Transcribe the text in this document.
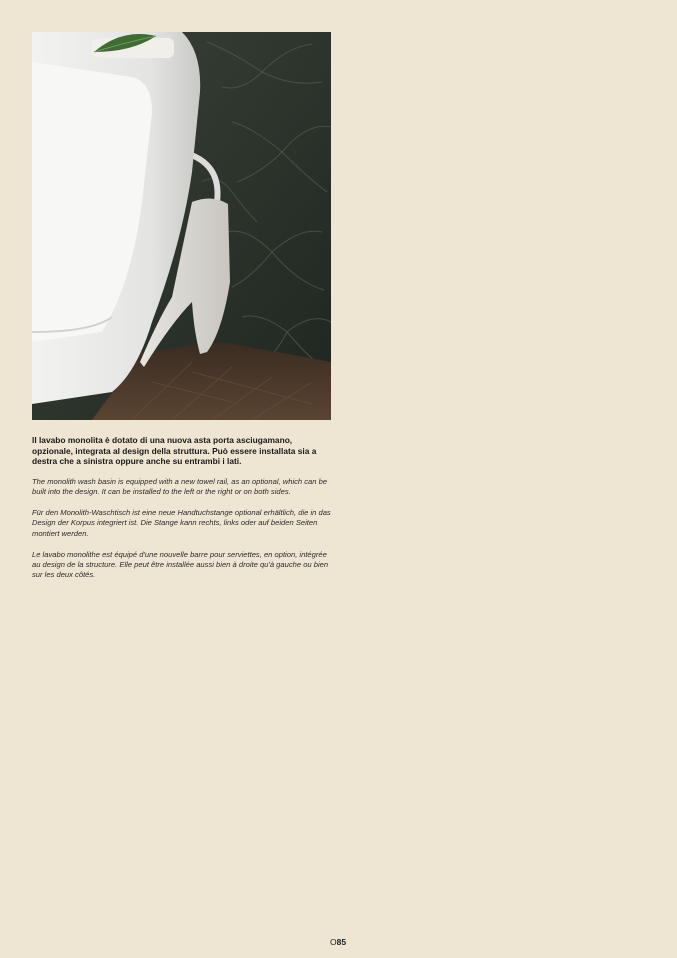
Il lavabo monolita è dotato di una nuova asta porta asciugamano, opzionale, integrata al design della struttura. Può essere installata sia a destra che a sinistra oppure anche su entrambi i lati.

The monolith wash basin is equipped with a new towel rail, as an optional, which can be built into the design. It can be installed to the left or the right or on both sides.

Für den Monolith-Waschtisch ist eine neue Handtuchstange optional erhältlich, die in das Design der Korpus integriert ist. Die Stange kann rechts, links oder auf beiden Seiten montiert werden.

Le lavabo monolithe est équipé d'une nouvelle barre pour serviettes, en option, intégrée au design de la structure. Elle peut être installée aussi bien à droite qu'à gauche ou bien sur les deux côtés.

O85
